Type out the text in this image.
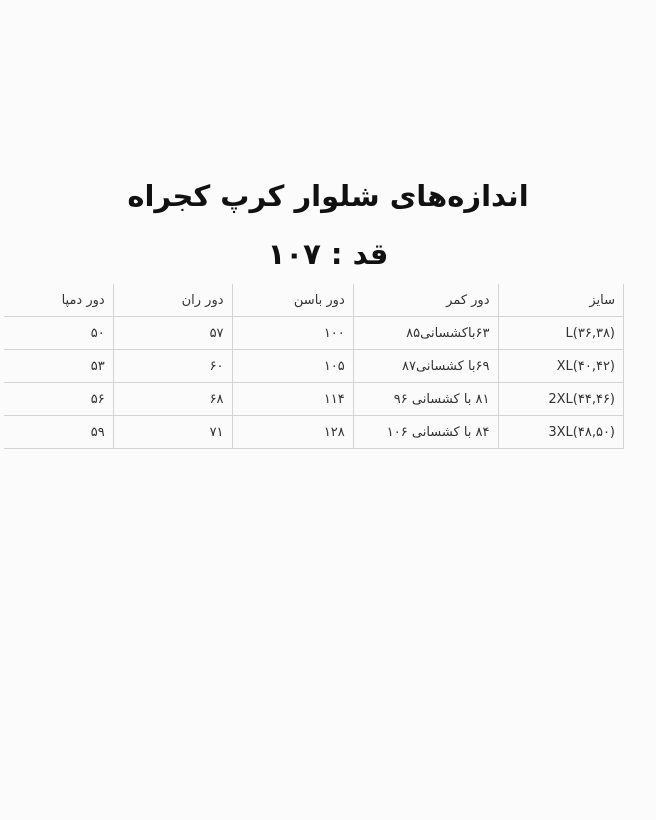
اندازه‌های شلوار کرپ کجراه
قد : ۱۰۷
سایز	دور کمر	دور باسن	دور ران	دور دمپا
L(۳۶,۳۸)	۶۳باکشسانی۸۵	۱۰۰	۵۷	۵۰
XL(۴۰,۴۲)	۶۹با کشسانی۸۷	۱۰۵	۶۰	۵۳
2XL(۴۴,۴۶)	۸۱ با کشسانی ۹۶	۱۱۴	۶۸	۵۶
3XL(۴۸,۵۰)	۸۴ با کشسانی ۱۰۶	۱۲۸	۷۱	۵۹
